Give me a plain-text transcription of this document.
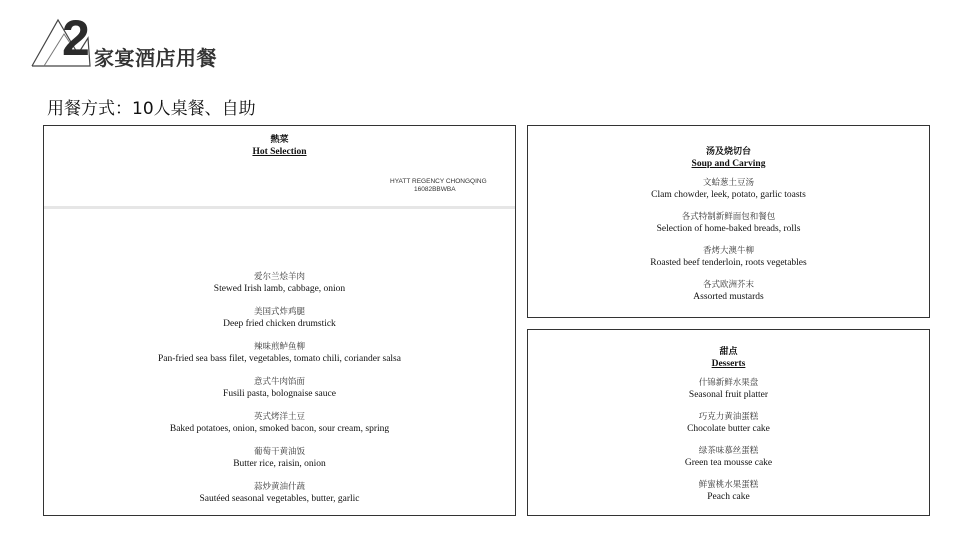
2 家宴酒店用餐
用餐方式：10人桌餐、自助
熱菜
Hot Selection
HYATT REGENCY CHONGQING
16082BBWBA
爱尔兰烩羊肉
Stewed Irish lamb, cabbage, onion
美国式炸鸡腿
Deep fried chicken drumstick
辣味煎鲈鱼柳
Pan-fried sea bass filet, vegetables, tomato chili, coriander salsa
意式牛肉馅面
Fusili pasta, bolognaise sauce
英式烤洋土豆
Baked potatoes, onion, smoked bacon, sour cream, spring
葡萄干黄油饭
Butter rice, raisin, onion
蒜炒黄油什蔬
Sautéed seasonal vegetables, butter, garlic
汤及烧切台
Soup and Carving
文蛤葱土豆汤
Clam chowder, leek, potato, garlic toasts
各式特制新鲜面包和餐包
Selection of home-baked breads, rolls
香烤大澳牛柳
Roasted beef tenderloin, roots vegetables
各式欧洲芥末
Assorted mustards
甜点
Desserts
什锦新鲜水果盘
Seasonal fruit platter
巧克力黄油蛋糕
Chocolate butter cake
绿茶味慕丝蛋糕
Green tea mousse cake
鲜蜜桃水果蛋糕
Peach cake
